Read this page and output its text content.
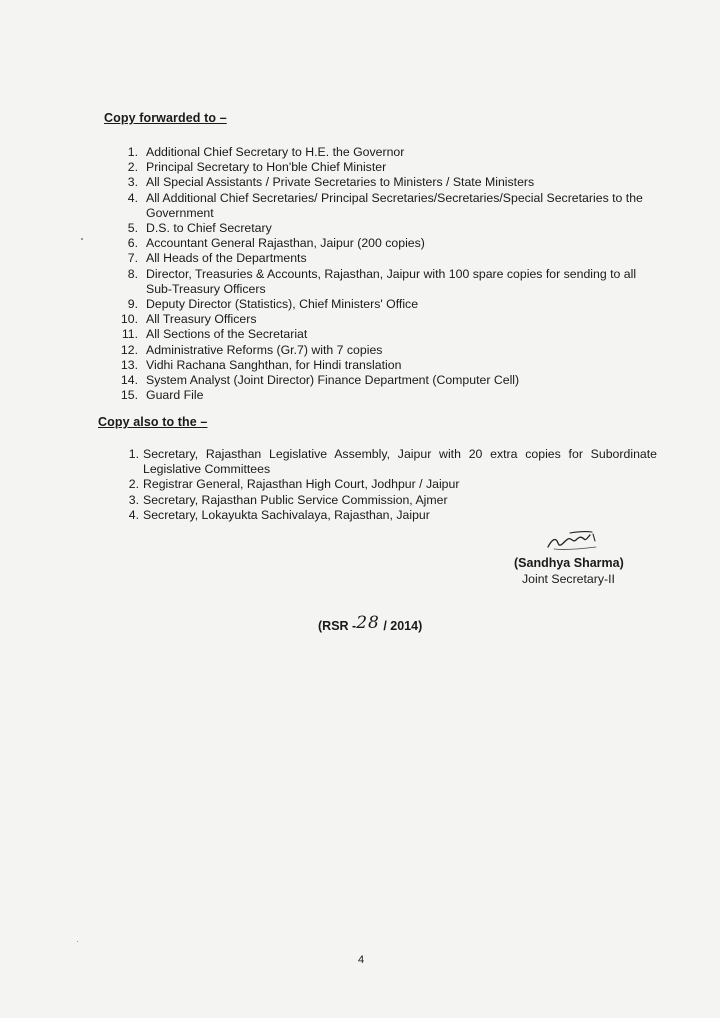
Copy forwarded to –
1. Additional Chief Secretary to H.E. the Governor
2. Principal Secretary to Hon'ble Chief Minister
3. All Special Assistants / Private Secretaries to Ministers / State Ministers
4. All Additional Chief Secretaries/ Principal Secretaries/Secretaries/Special Secretaries to the Government
5. D.S. to Chief Secretary
6. Accountant General Rajasthan, Jaipur (200 copies)
7. All Heads of the Departments
8. Director, Treasuries & Accounts, Rajasthan, Jaipur with 100 spare copies for sending to all Sub-Treasury Officers
9. Deputy Director (Statistics), Chief Ministers' Office
10. All Treasury Officers
11. All Sections of the Secretariat
12. Administrative Reforms (Gr.7) with 7 copies
13. Vidhi Rachana Sanghthan, for Hindi translation
14. System Analyst (Joint Director) Finance Department (Computer Cell)
15. Guard File
Copy also to the –
1. Secretary, Rajasthan Legislative Assembly, Jaipur with 20 extra copies for Subordinate Legislative Committees
2. Registrar General, Rajasthan High Court, Jodhpur / Jaipur
3. Secretary, Rajasthan Public Service Commission, Ajmer
4. Secretary, Lokayukta Sachivalaya, Rajasthan, Jaipur
(Sandhya Sharma)
Joint Secretary-II
(RSR -28 / 2014)
4
